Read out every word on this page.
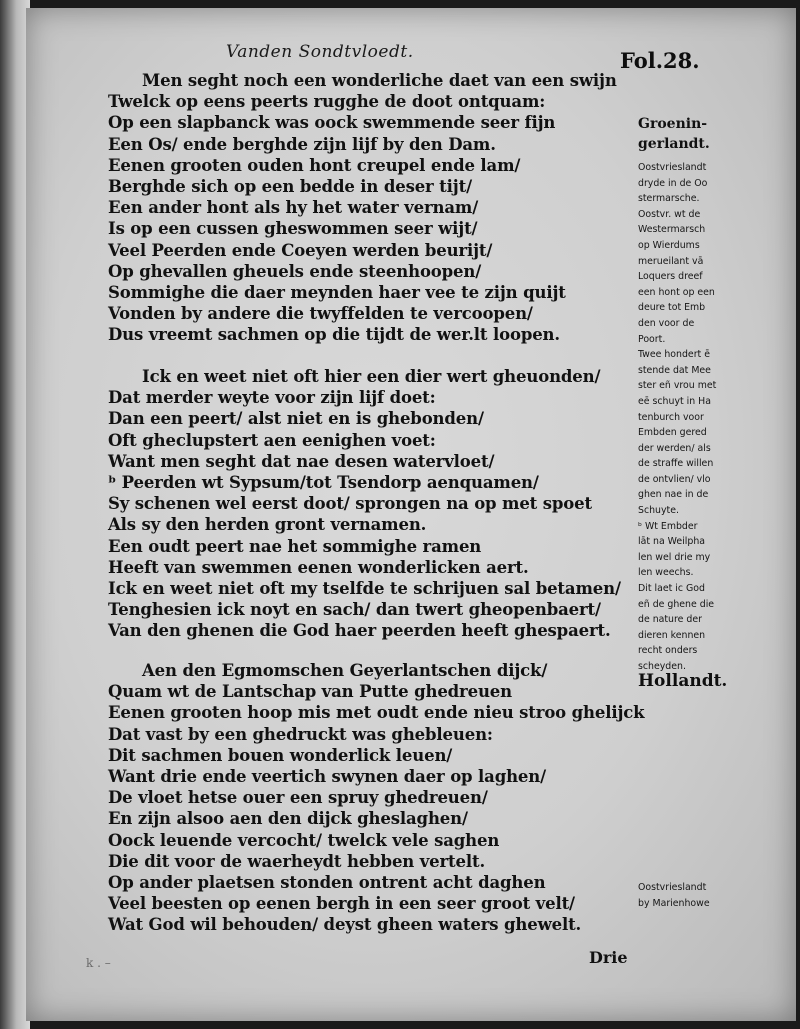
Vanden Sondtvloedt.	Fol.28.
Men seght noch een wonderliche daet van een swijn
Twelck op eens peerts rugghe de doot ontquam:
Op een slapbanck was oock swemmende seer fijn
Een Os/ ende berghde zijn lijf by den Dam.
Eenen grooten ouden hont creupel ende lam/
Berghde sich op een bedde in deser tijt/
Een ander hont als hy het water vernam/
Is op een cussen gheswommen seer wijt/
Veel Peerden ende Coeyen werden beurijt/
Op ghevallen gheuels ende steenhoopen/
Sommighe die daer meynden haer vee te zijn quijt
Vonden by andere die twyffelden te vercoopen/
Dus vreemt sachmen op die tijdt de wer.lt loopen.
Ick en weet niet oft hier een dier wert gheuonden/
Dat merder weyte voor zijn lijf doet:
Dan een peert/ alst niet en is ghebonden/
Oft gheclupstert aen eenighen voet:
Want men seght dat nae desen watervloet/
ᵇ Peerden wt Sypsum/tot Tsendorp aenquamen/
Sy schenen wel eerst doot/ sprongen na op met spoet
Als sy den herden gront vernamen.
Een oudt peert nae het sommighe ramen
Heeft van swemmen eenen wonderlicken aert.
Ick en weet niet oft my tselfde te schrijuen sal betamen/
Tenghesien ick noyt en sach/ dan twert gheopenbaert/
Van den ghenen die God haer peerden heeft ghespaert.
Aen den Egmomschen Geyerlantschen dijck/
Quam wt de Lantschap van Putte ghedreuen
Eenen grooten hoop mis met oudt ende nieu stroo ghelijck
Dat vast by een ghedruckt was ghebleuen:
Dit sachmen bouen wonderlick leuen/
Want drie ende veertich swynen daer op laghen/
De vloet hetse ouer een spruy ghedreuen/
En zijn alsoo aen den dijck gheslaghen/
Oock leuende vercocht/ twelck vele saghen
Die dit voor de waerheydt hebben vertelt.
Op ander plaetsen stonden ontrent acht daghen
Veel beesten op eenen bergh in een seer groot velt/
Wat God wil behouden/ deyst gheen waters ghewelt.
Groenin-
gerlandt.
Oostvrieslandt
dryde in de Oo
stermarsche.
Oostvr. wt de
Westermarsch
op Wierdums
merueilant vā
Loquers dreef
een hont op een
deure tot Emb
den voor de
Poort.
Twee hondert ē
stende dat Mee
ster eñ vrou met
eē schuyt in Ha
tenburch voor
Embden gered
der werden/ als
de straffe willen
de ontvlien/ vlo
ghen nae in de
Schuyte.
ᵇ Wt Embder
lāt na Weilpha
len wel drie my
len weechs.
Dit laet ic God
eñ de ghene die
de nature der
dieren kennen
recht onders
scheyden.
Hollandt.
Oostvrieslandt
by Marienhowe
Drie
k . –
